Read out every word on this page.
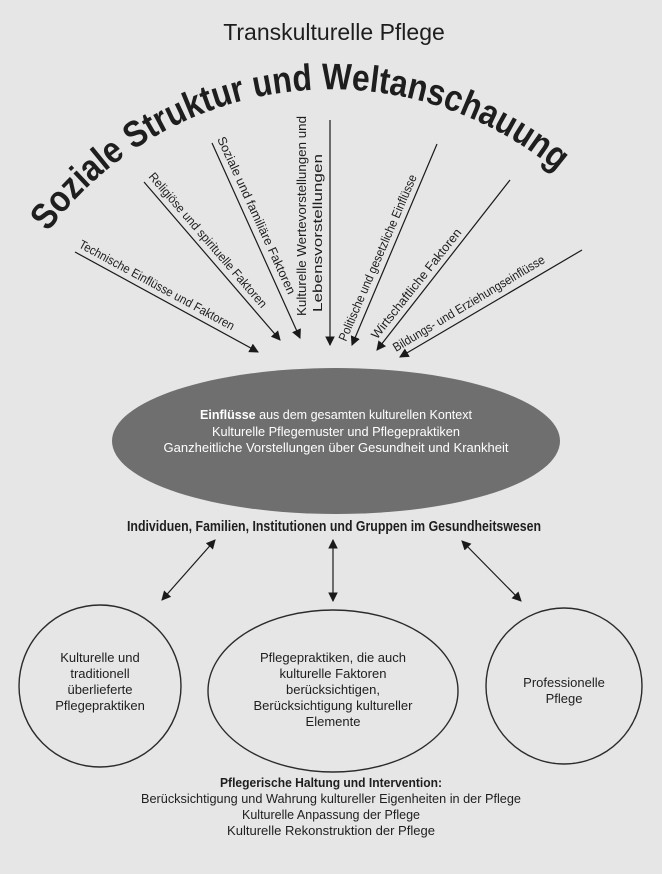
Transkulturelle Pflege
Soziale Struktur und Weltanschauung
Technische Einflüsse und Faktoren
Religiöse und spirituelle Faktoren
Soziale und familiäre Faktoren
Kulturelle Wertevorstellungen und Lebensvorstellungen
Politische und gesetzliche Einflüsse
Wirtschaftliche Faktoren
Bildungs- und Erziehungseinflüsse
Einflüsse aus dem gesamten kulturellen Kontext
Kulturelle Pflegemuster und Pflegepraktiken
Ganzheitliche Vorstellungen über Gesundheit und Krankheit
Individuen, Familien, Institutionen und Gruppen im Gesundheitswesen
Kulturelle und
traditionell
überlieferte
Pflegepraktiken
Pflegepraktiken, die auch
kulturelle Faktoren
berücksichtigen,
Berücksichtigung kultureller
Elemente
Professionelle
Pflege
Pflegerische Haltung und Intervention:
Berücksichtigung und Wahrung kultureller Eigenheiten in der Pflege
Kulturelle Anpassung der Pflege
Kulturelle Rekonstruktion der Pflege
